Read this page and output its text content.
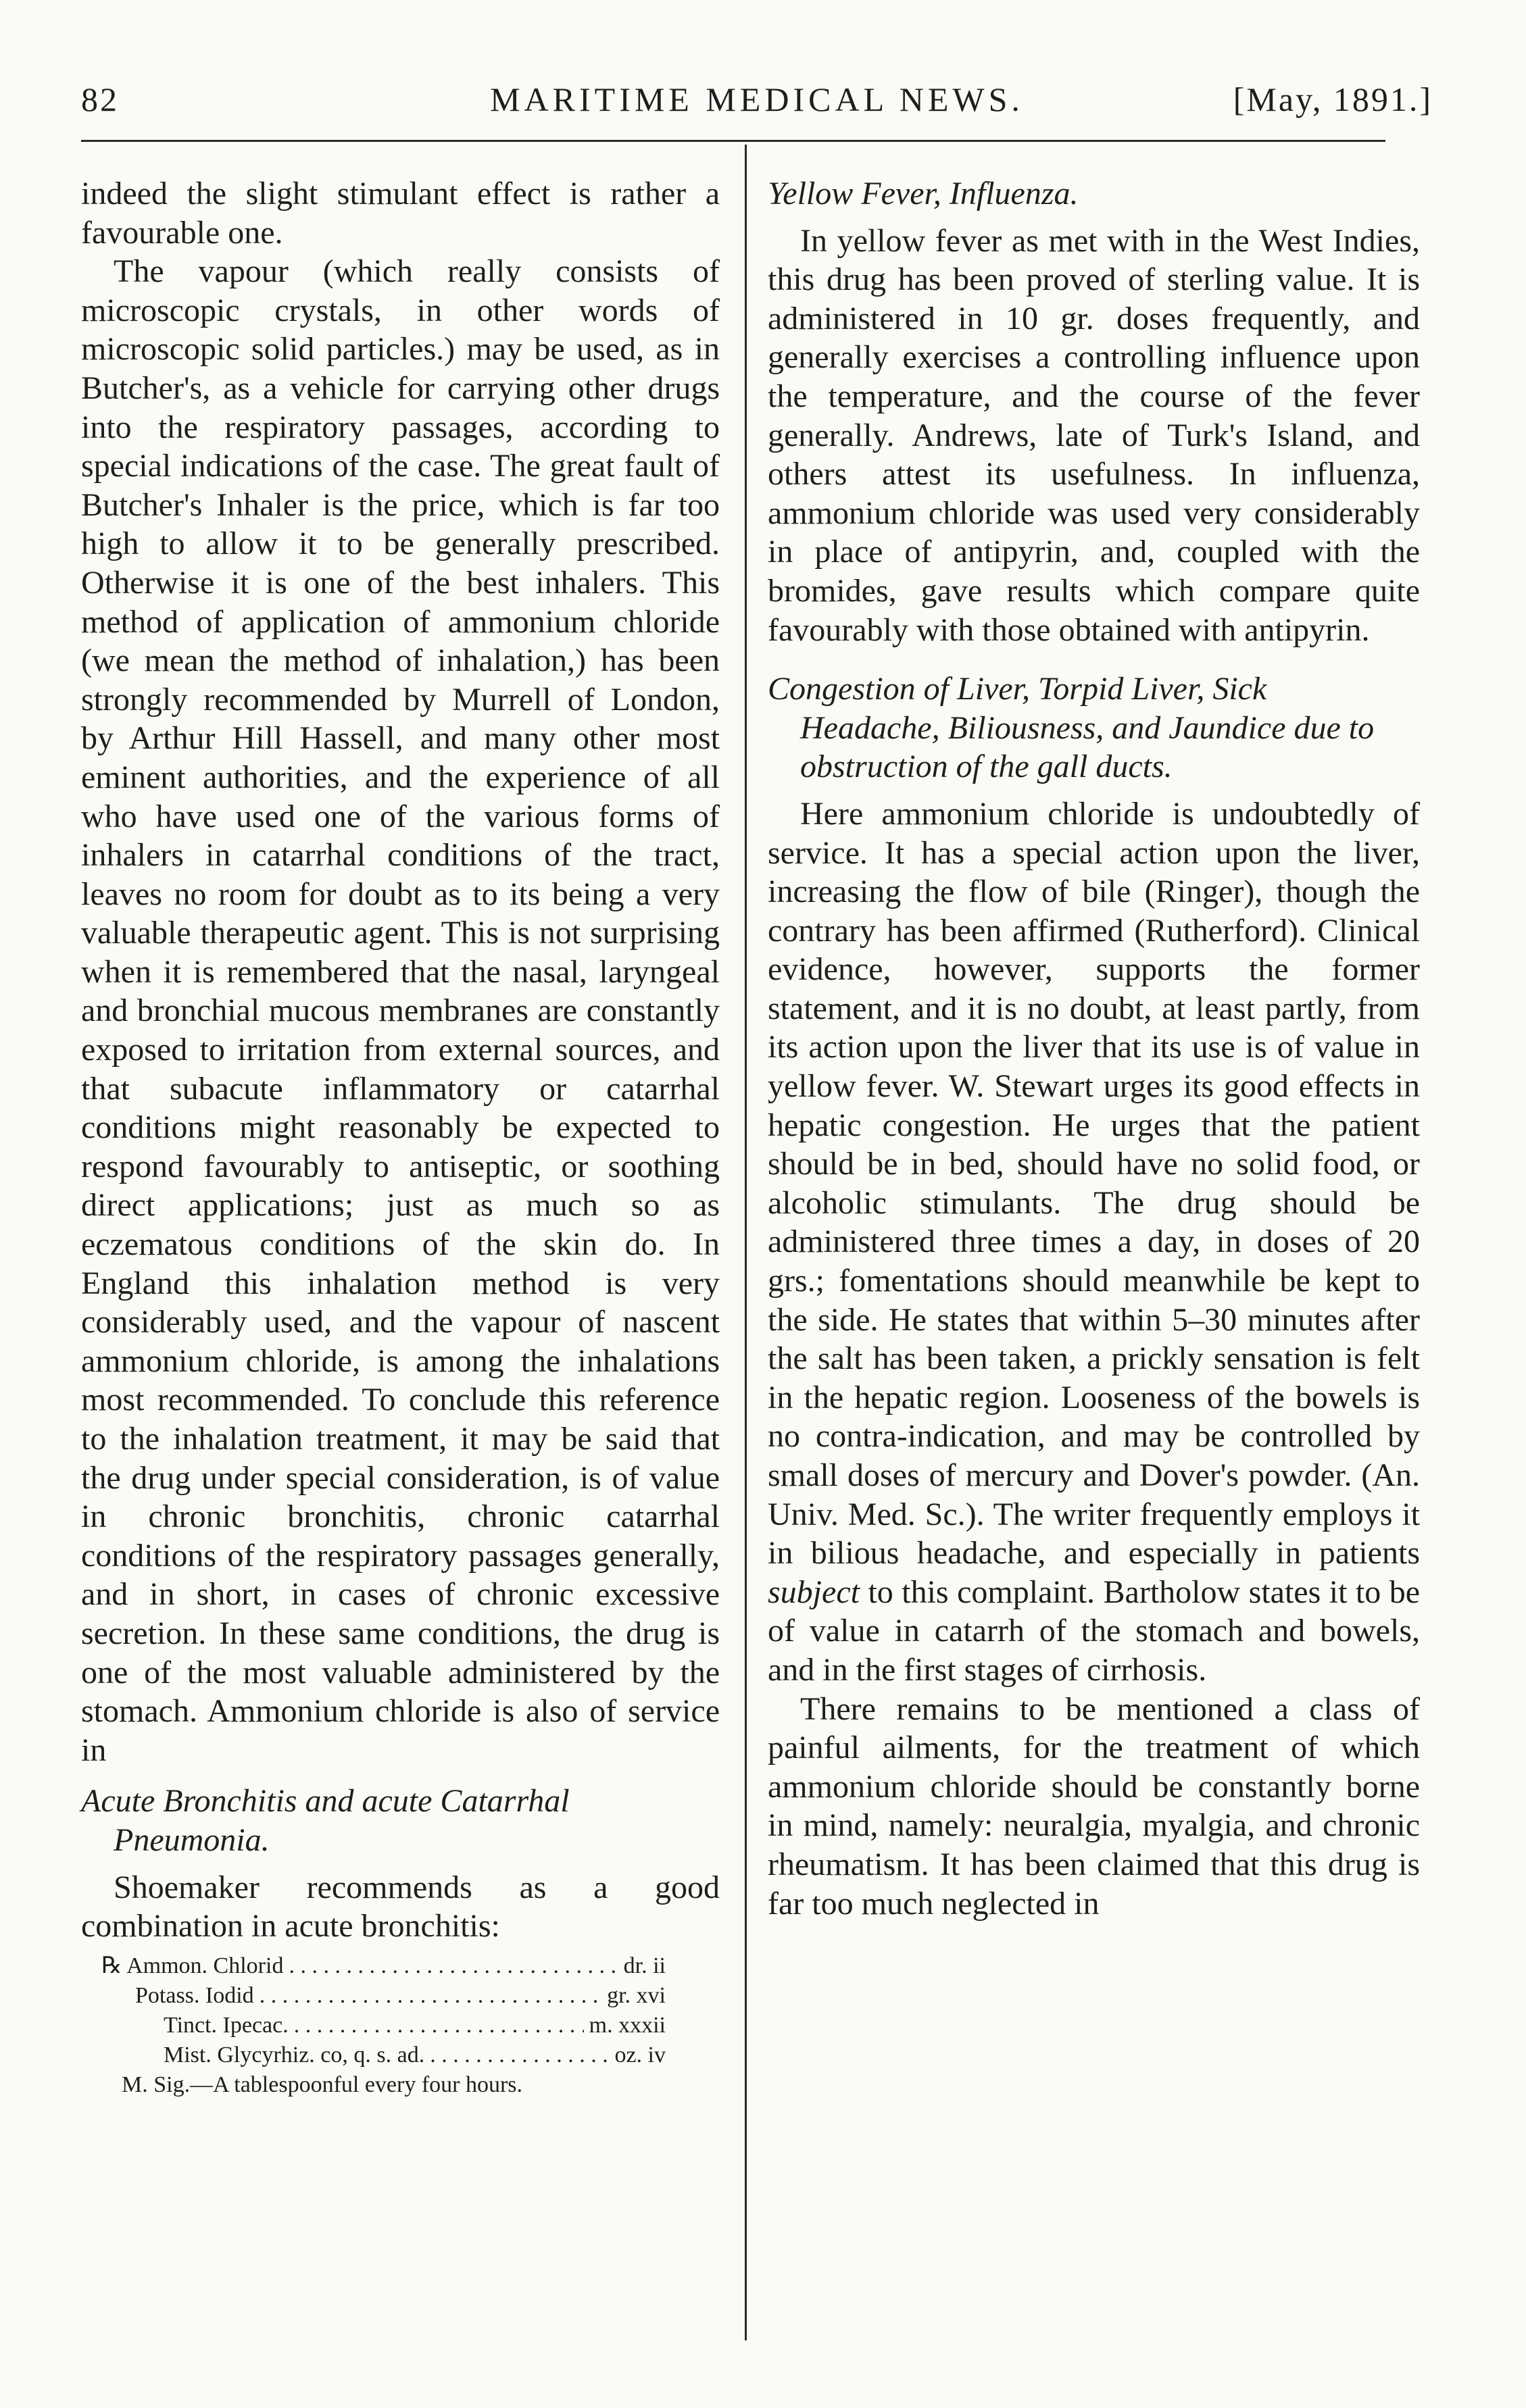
82	MARITIME MEDICAL NEWS.	[May, 1891.]

indeed the slight stimulant effect is rather a favourable one.

The vapour (which really consists of microscopic crystals, in other words of microscopic solid particles.) may be used, as in Butcher's, as a vehicle for carrying other drugs into the respiratory passages, according to special indications of the case. The great fault of Butcher's Inhaler is the price, which is far too high to allow it to be generally prescribed. Otherwise it is one of the best inhalers. This method of application of ammonium chloride (we mean the method of inhalation,) has been strongly recommended by Murrell of London, by Arthur Hill Hassell, and many other most eminent authorities, and the experience of all who have used one of the various forms of inhalers in catarrhal conditions of the tract, leaves no room for doubt as to its being a very valuable therapeutic agent. This is not surprising when it is remembered that the nasal, laryngeal and bronchial mucous membranes are constantly exposed to irritation from external sources, and that subacute inflammatory or catarrhal conditions might reasonably be expected to respond favourably to antiseptic, or soothing direct applications; just as much so as eczematous conditions of the skin do. In England this inhalation method is very considerably used, and the vapour of nascent ammonium chloride, is among the inhalations most recommended. To conclude this reference to the inhalation treatment, it may be said that the drug under special consideration, is of value in chronic bronchitis, chronic catarrhal conditions of the respiratory passages generally, and in short, in cases of chronic excessive secretion. In these same conditions, the drug is one of the most valuable administered by the stomach. Ammonium chloride is also of service in

Acute Bronchitis and acute Catarrhal
Pneumonia.

Shoemaker recommends as a good combination in acute bronchitis:

℞ Ammon. Chlorid . . .	dr. ii
Potass. Iodid . . .	gr. xvi
Tinct. Ipecac. . . .	m. xxxii
Mist. Glycyrhiz. co, q. s. ad. . . .	oz. iv
M. Sig.—A tablespoonful every four hours.
Yellow Fever, Influenza.

In yellow fever as met with in the West Indies, this drug has been proved of sterling value. It is administered in 10 gr. doses frequently, and generally exercises a controlling influence upon the temperature, and the course of the fever generally. Andrews, late of Turk's Island, and others attest its usefulness. In influenza, ammonium chloride was used very considerably in place of antipyrin, and, coupled with the bromides, gave results which compare quite favourably with those obtained with antipyrin.

Congestion of Liver, Torpid Liver, Sick
Headache, Biliousness, and Jaundice due to obstruction of the gall ducts.

Here ammonium chloride is undoubtedly of service. It has a special action upon the liver, increasing the flow of bile (Ringer), though the contrary has been affirmed (Rutherford). Clinical evidence, however, supports the former statement, and it is no doubt, at least partly, from its action upon the liver that its use is of value in yellow fever. W. Stewart urges its good effects in hepatic congestion. He urges that the patient should be in bed, should have no solid food, or alcoholic stimulants. The drug should be administered three times a day, in doses of 20 grs.; fomentations should meanwhile be kept to the side. He states that within 5–30 minutes after the salt has been taken, a prickly sensation is felt in the hepatic region. Looseness of the bowels is no contra-indication, and may be controlled by small doses of mercury and Dover's powder. (An. Univ. Med. Sc.). The writer frequently employs it in bilious headache, and especially in patients subject to this complaint. Bartholow states it to be of value in catarrh of the stomach and bowels, and in the first stages of cirrhosis.

There remains to be mentioned a class of painful ailments, for the treatment of which ammonium chloride should be constantly borne in mind, namely: neuralgia, myalgia, and chronic rheumatism. It has been claimed that this drug is far too much neglected in
